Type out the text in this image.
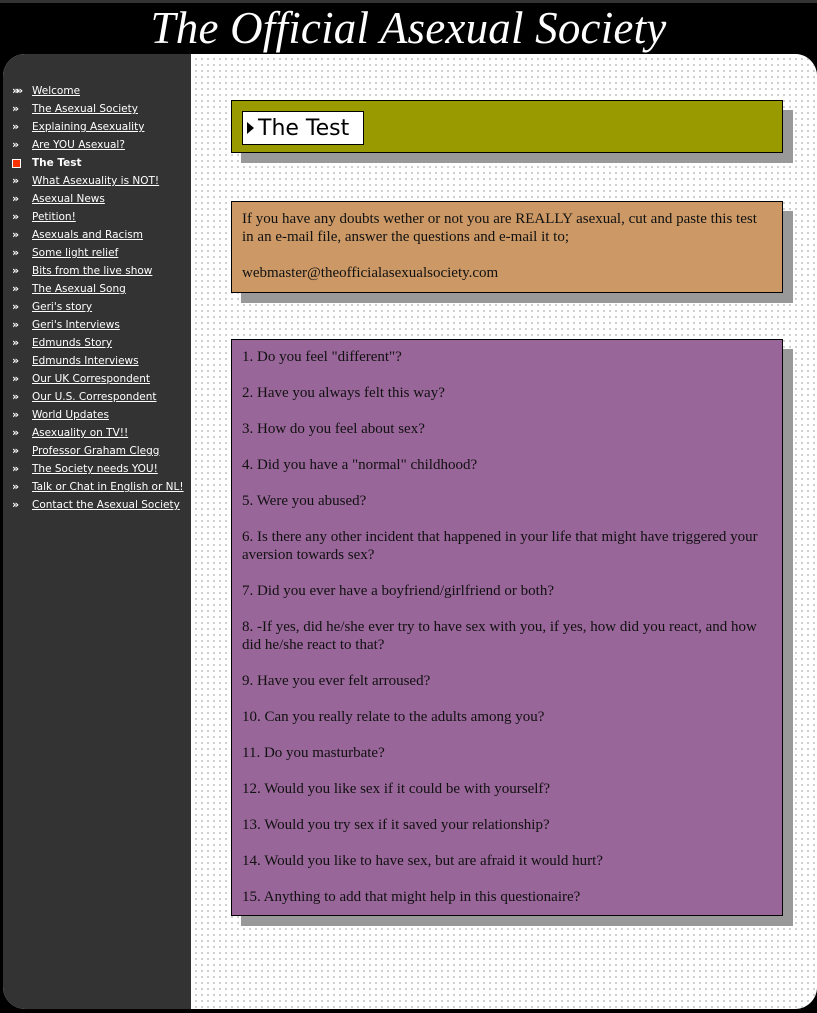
The Official Asexual Society
»
»	Welcome
»	The Asexual Society
»	Explaining Asexuality
»	Are YOU Asexual?
The Test
»	What Asexuality is NOT!
»	Asexual News
»	Petition!
»	Asexuals and Racism
»	Some light relief
»	Bits from the live show
»	The Asexual Song
»	Geri's story
»	Geri's Interviews
»	Edmunds Story
»	Edmunds Interviews
»	Our UK Correspondent
»	Our U.S. Correspondent
»	World Updates
»	Asexuality on TV!!
»	Professor Graham Clegg
»	The Society needs YOU!
»	Talk or Chat in English or NL!
»	Contact the Asexual Society
The Test

If you have any doubts wether or not you are REALLY asexual, cut and paste this test in an e-mail file, answer the questions and e-mail it to;

webmaster@theofficialasexualsociety.com

1. Do you feel "different"?
2. Have you always felt this way?
3. How do you feel about sex?
4. Did you have a "normal" childhood?
5. Were you abused?
6. Is there any other incident that happened in your life that might have triggered your aversion towards sex?
7. Did you ever have a boyfriend/girlfriend or both?
8. -If yes, did he/she ever try to have sex with you, if yes, how did you react, and how did he/she react to that?
9. Have you ever felt arroused?
10. Can you really relate to the adults among you?
11. Do you masturbate?
12. Would you like sex if it could be with yourself?
13. Would you try sex if it saved your relationship?
14. Would you like to have sex, but are afraid it would hurt?
15. Anything to add that might help in this questionaire?
